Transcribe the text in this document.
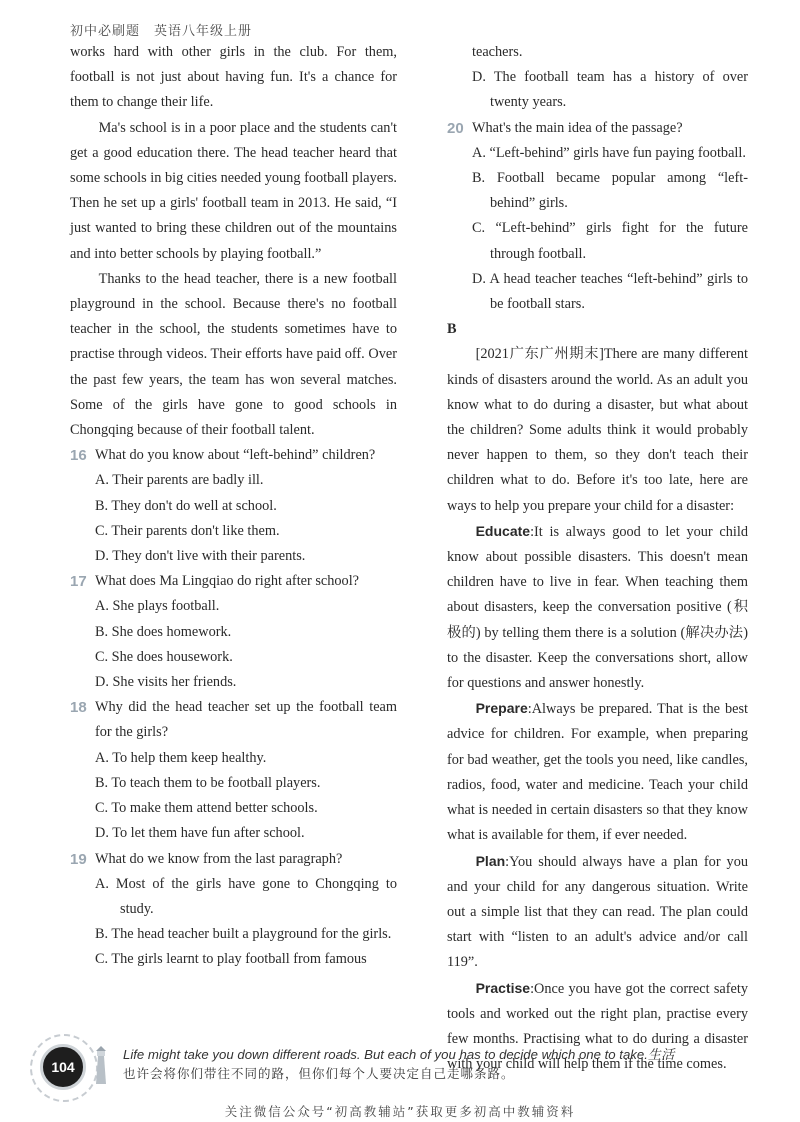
初中必刷题 英语八年级上册

works hard with other girls in the club. For them, football is not just about having fun. It's a chance for them to change their life.

Ma's school is in a poor place and the students can't get a good education there. The head teacher heard that some schools in big cities needed young football players. Then he set up a girls' football team in 2013. He said, “I just wanted to bring these children out of the mountains and into better schools by playing football.”

Thanks to the head teacher, there is a new football playground in the school. Because there's no football teacher in the school, the students sometimes have to practise through videos. Their efforts have paid off. Over the past few years, the team has won several matches. Some of the girls have gone to good schools in Chongqing because of their football talent.

16 What do you know about “left-behind” children?

A. Their parents are badly ill.

B. They don't do well at school.

C. Their parents don't like them.

D. They don't live with their parents.

17 What does Ma Lingqiao do right after school?

A. She plays football.

B. She does homework.

C. She does housework.

D. She visits her friends.

18 Why did the head teacher set up the football team for the girls?

A. To help them keep healthy.

B. To teach them to be football players.

C. To make them attend better schools.

D. To let them have fun after school.

19 What do we know from the last paragraph?

A. Most of the girls have gone to Chongqing to study.

B. The head teacher built a playground for the girls.

C. The girls learnt to play football from famous

teachers.

D. The football team has a history of over twenty years.

20 What's the main idea of the passage?

A. “Left-behind” girls have fun paying football.

B. Football became popular among “left-behind” girls.

C. “Left-behind” girls fight for the future through football.

D. A head teacher teaches “left-behind” girls to be football stars.

B

[2021广东广州期末]There are many different kinds of disasters around the world. As an adult you know what to do during a disaster, but what about the children? Some adults think it would probably never happen to them, so they don't teach their children what to do. Before it's too late, here are ways to help you prepare your child for a disaster:

Educate:It is always good to let your child know about possible disasters. This doesn't mean children have to live in fear. When teaching them about disasters, keep the conversation positive (积极的) by telling them there is a solution (解决办法) to the disaster. Keep the conversations short, allow for questions and answer honestly.

Prepare:Always be prepared. That is the best advice for children. For example, when preparing for bad weather, get the tools you need, like candles, radios, food, water and medicine. Teach your child what is needed in certain disasters so that they know what is available for them, if ever needed.

Plan:You should always have a plan for you and your child for any dangerous situation. Write out a simple list that they can read. The plan could start with “listen to an adult's advice and/or call 119”.

Practise:Once you have got the correct safety tools and worked out the right plan, practise every few months. Practising what to do during a disaster with your child will help them if the time comes.

104
Life might take you down different roads. But each of you has to decide which one to take.生活
也许会将你们带往不同的路，但你们每个人要决定自己走哪条路。
关注微信公众号“初高教辅站”获取更多初高中教辅资料
